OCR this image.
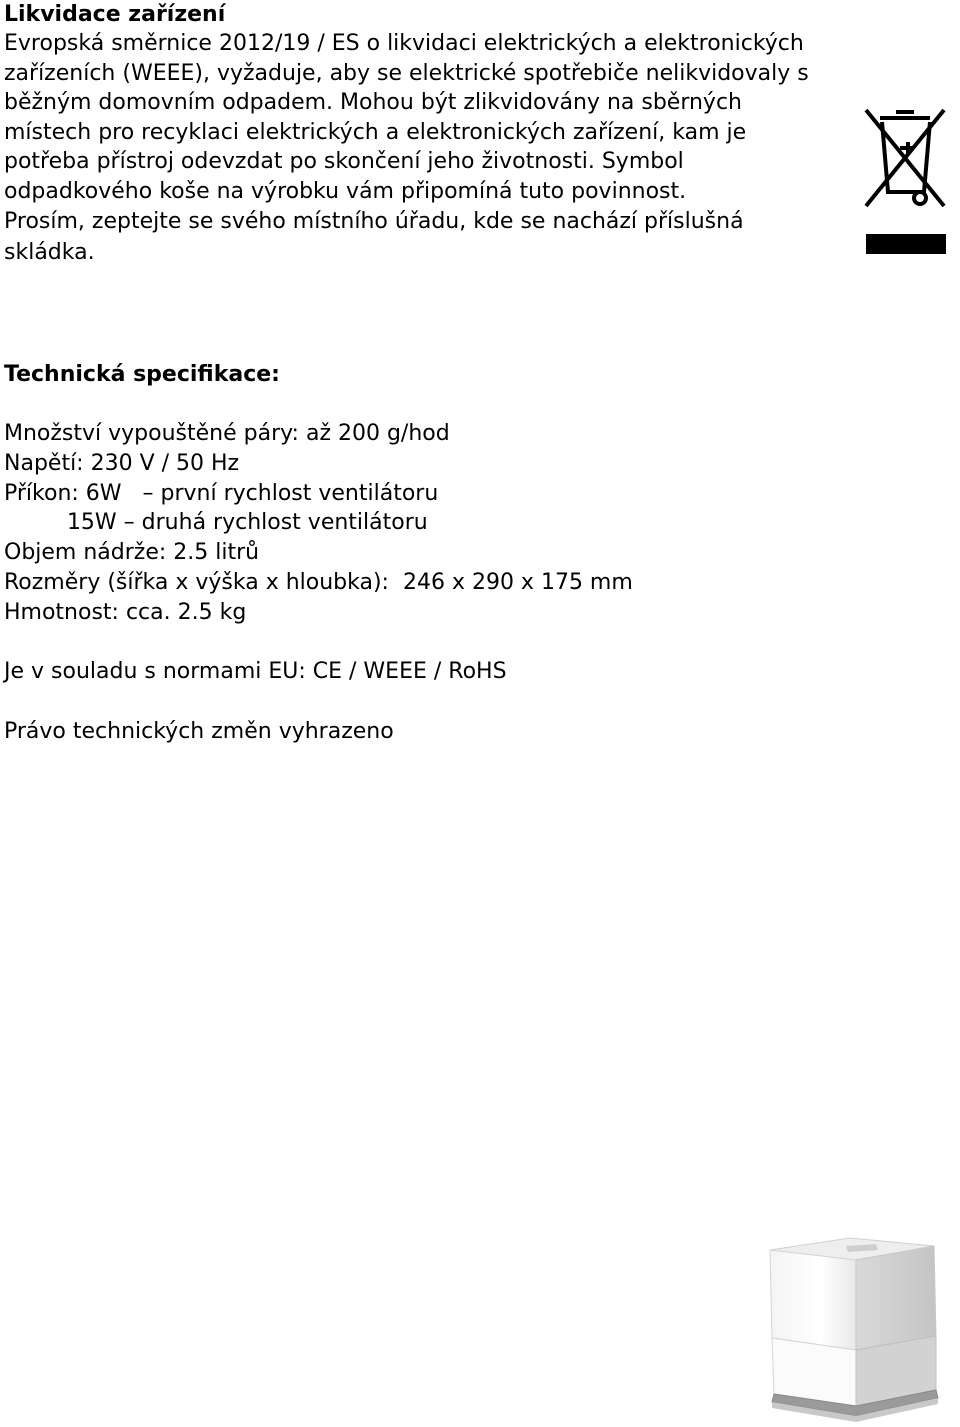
Likvidace zařízení
Evropská směrnice 2012/19 / ES o likvidaci elektrických a elektronických
zařízeních (WEEE), vyžaduje, aby se elektrické spotřebiče nelikvidovaly s
běžným domovním odpadem. Mohou být zlikvidovány na sběrných
místech pro recyklaci elektrických a elektronických zařízení, kam je
potřeba přístroj odevzdat po skončení jeho životnosti. Symbol
odpadkového koše na výrobku vám připomíná tuto povinnost.
Prosím, zeptejte se svého místního úřadu, kde se nachází příslušná
skládka.
Technická specifikace:
Množství vypouštěné páry: až 200 g/hod
Napětí: 230 V / 50 Hz
Příkon: 6W   – první rychlost ventilátoru
15W – druhá rychlost ventilátoru
Objem nádrže: 2.5 litrů
Rozměry (šířka x výška x hloubka):  246 x 290 x 175 mm
Hmotnost: cca. 2.5 kg
Je v souladu s normami EU: CE / WEEE / RoHS
Právo technických změn vyhrazeno
